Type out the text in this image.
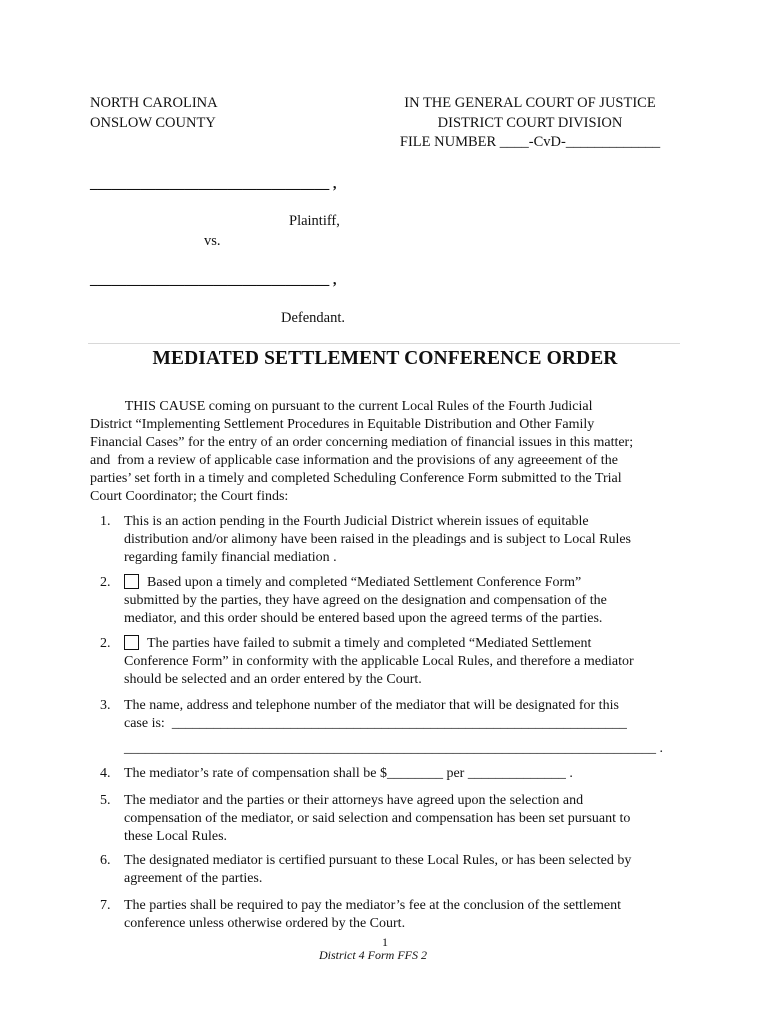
NORTH CAROLINA
ONSLOW COUNTY
IN THE GENERAL COURT OF JUSTICE
DISTRICT COURT DIVISION
FILE NUMBER ____-CvD-_____________
_________________________________ ,
Plaintiff,
vs.
_________________________________ ,
Defendant.
MEDIATED SETTLEMENT CONFERENCE ORDER
THIS CAUSE coming on pursuant to the current Local Rules of the Fourth Judicial
District “Implementing Settlement Procedures in Equitable Distribution and Other Family
Financial Cases” for the entry of an order concerning mediation of financial issues in this matter;
and  from a review of applicable case information and the provisions of any agreeement of the
parties’ set forth in a timely and completed Scheduling Conference Form submitted to the Trial
Court Coordinator; the Court finds:
1. This is an action pending in the Fourth Judicial District wherein issues of equitable
distribution and/or alimony have been raised in the pleadings and is subject to Local Rules
regarding family financial mediation .
2.	Based upon a timely and completed “Mediated Settlement Conference Form”
submitted by the parties, they have agreed on the designation and compensation of the
mediator, and this order should be entered based upon the agreed terms of the parties.
2.	The parties have failed to submit a timely and completed “Mediated Settlement
Conference Form” in conformity with the applicable Local Rules, and therefore a mediator
should be selected and an order entered by the Court.
3. The name, address and telephone number of the mediator that will be designated for this
case is:  _________________________________________________________________
____________________________________________________________________________ .
4. The mediator’s rate of compensation shall be $________ per ______________ .
5. The mediator and the parties or their attorneys have agreed upon the selection and
compensation of the mediator, or said selection and compensation has been set pursuant to
these Local Rules.
6. The designated mediator is certified pursuant to these Local Rules, or has been selected by
agreement of the parties.
7. The parties shall be required to pay the mediator’s fee at the conclusion of the settlement
conference unless otherwise ordered by the Court.
1
District 4 Form FFS 2
